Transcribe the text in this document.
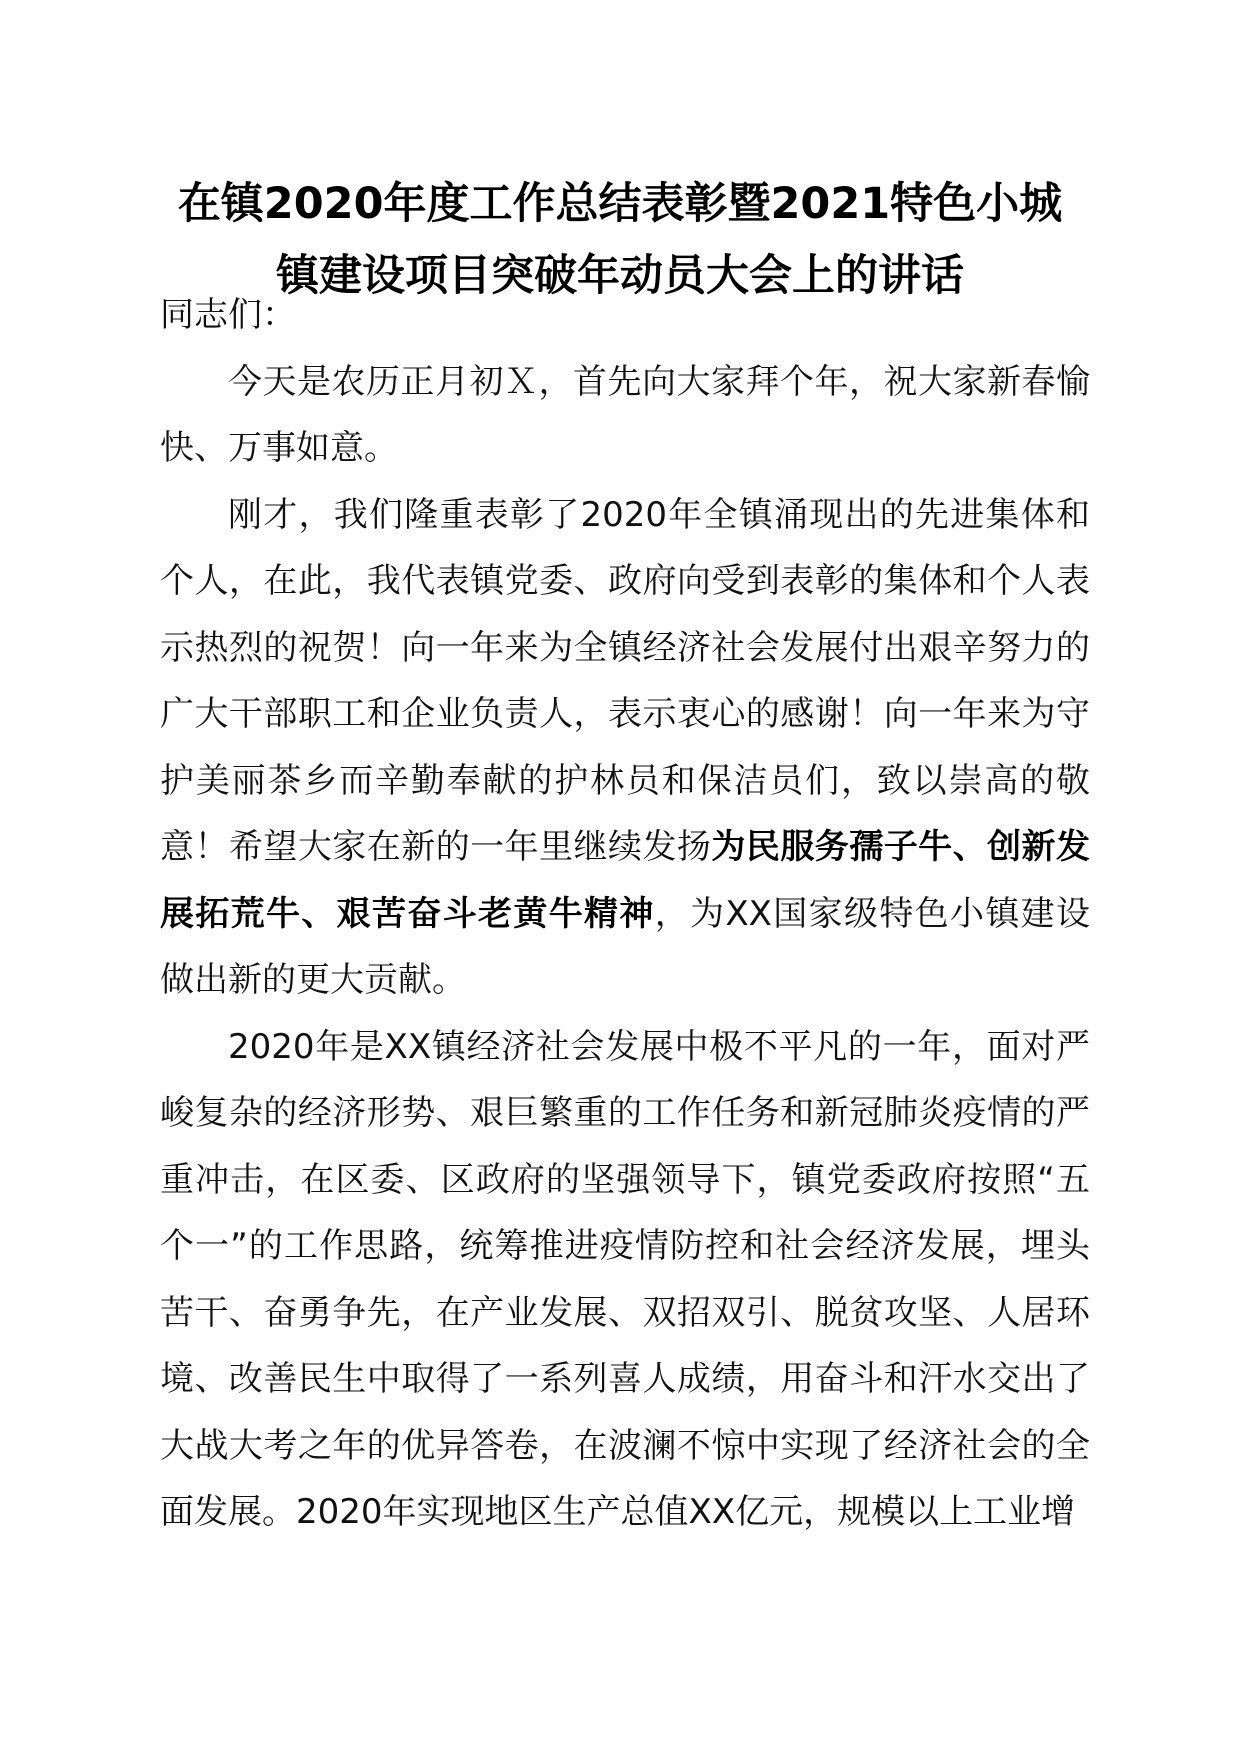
在镇2020年度工作总结表彰暨2021特色小城
镇建设项目突破年动员大会上的讲话

同志们：

今天是农历正月初Ｘ，首先向大家拜个年，祝大家新春愉快、万事如意。

刚才，我们隆重表彰了2020年全镇涌现出的先进集体和个人，在此，我代表镇党委、政府向受到表彰的集体和个人表示热烈的祝贺！向一年来为全镇经济社会发展付出艰辛努力的广大干部职工和企业负责人，表示衷心的感谢！向一年来为守护美丽茶乡而辛勤奉献的护林员和保洁员们，致以崇高的敬意！希望大家在新的一年里继续发扬为民服务孺子牛、创新发展拓荒牛、艰苦奋斗老黄牛精神，为XX国家级特色小镇建设做出新的更大贡献。

2020年是XX镇经济社会发展中极不平凡的一年，面对严峻复杂的经济形势、艰巨繁重的工作任务和新冠肺炎疫情的严重冲击，在区委、区政府的坚强领导下，镇党委政府按照“五个一”的工作思路，统筹推进疫情防控和社会经济发展，埋头苦干、奋勇争先，在产业发展、双招双引、脱贫攻坚、人居环境、改善民生中取得了一系列喜人成绩，用奋斗和汗水交出了大战大考之年的优异答卷，在波澜不惊中实现了经济社会的全面发展。2020年实现地区生产总值XX亿元，规模以上工业增
